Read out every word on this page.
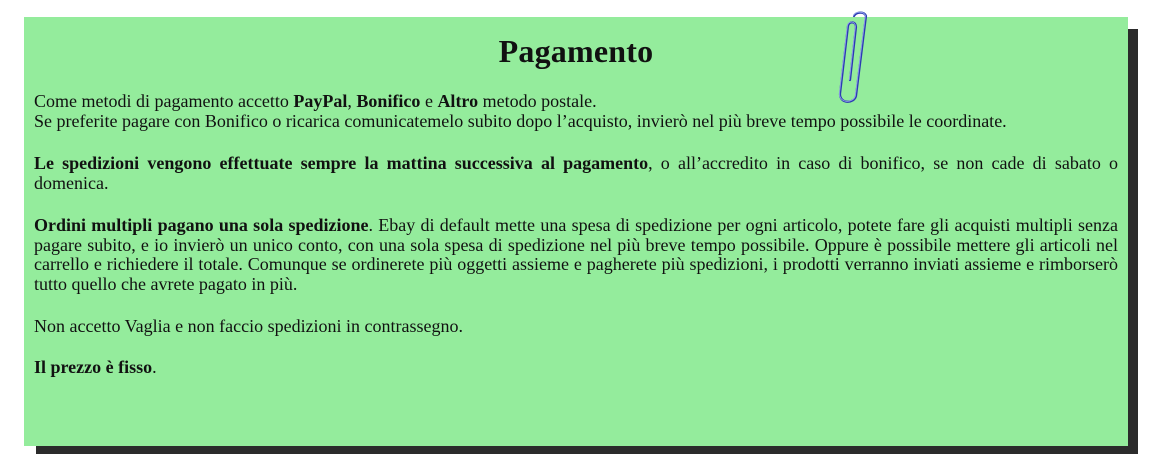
Pagamento

Come metodi di pagamento accetto PayPal, Bonifico e Altro metodo postale.
Se preferite pagare con Bonifico o ricarica comunicatemelo subito dopo l’acquisto, invierò nel più breve tempo possibile le coordinate.

Le spedizioni vengono effettuate sempre la mattina successiva al pagamento, o all’accredito in caso di bonifico, se non cade di sabato o domenica.

Ordini multipli pagano una sola spedizione. Ebay di default mette una spesa di spedizione per ogni articolo, potete fare gli acquisti multipli senza pagare subito, e io invierò un unico conto, con una sola spesa di spedizione nel più breve tempo possibile. Oppure è possibile mettere gli articoli nel carrello e richiedere il totale. Comunque se ordinerete più oggetti assieme e pagherete più spedizioni, i prodotti verranno inviati assieme e rimborserò tutto quello che avrete pagato in più.

Non accetto Vaglia e non faccio spedizioni in contrassegno.

Il prezzo è fisso.
